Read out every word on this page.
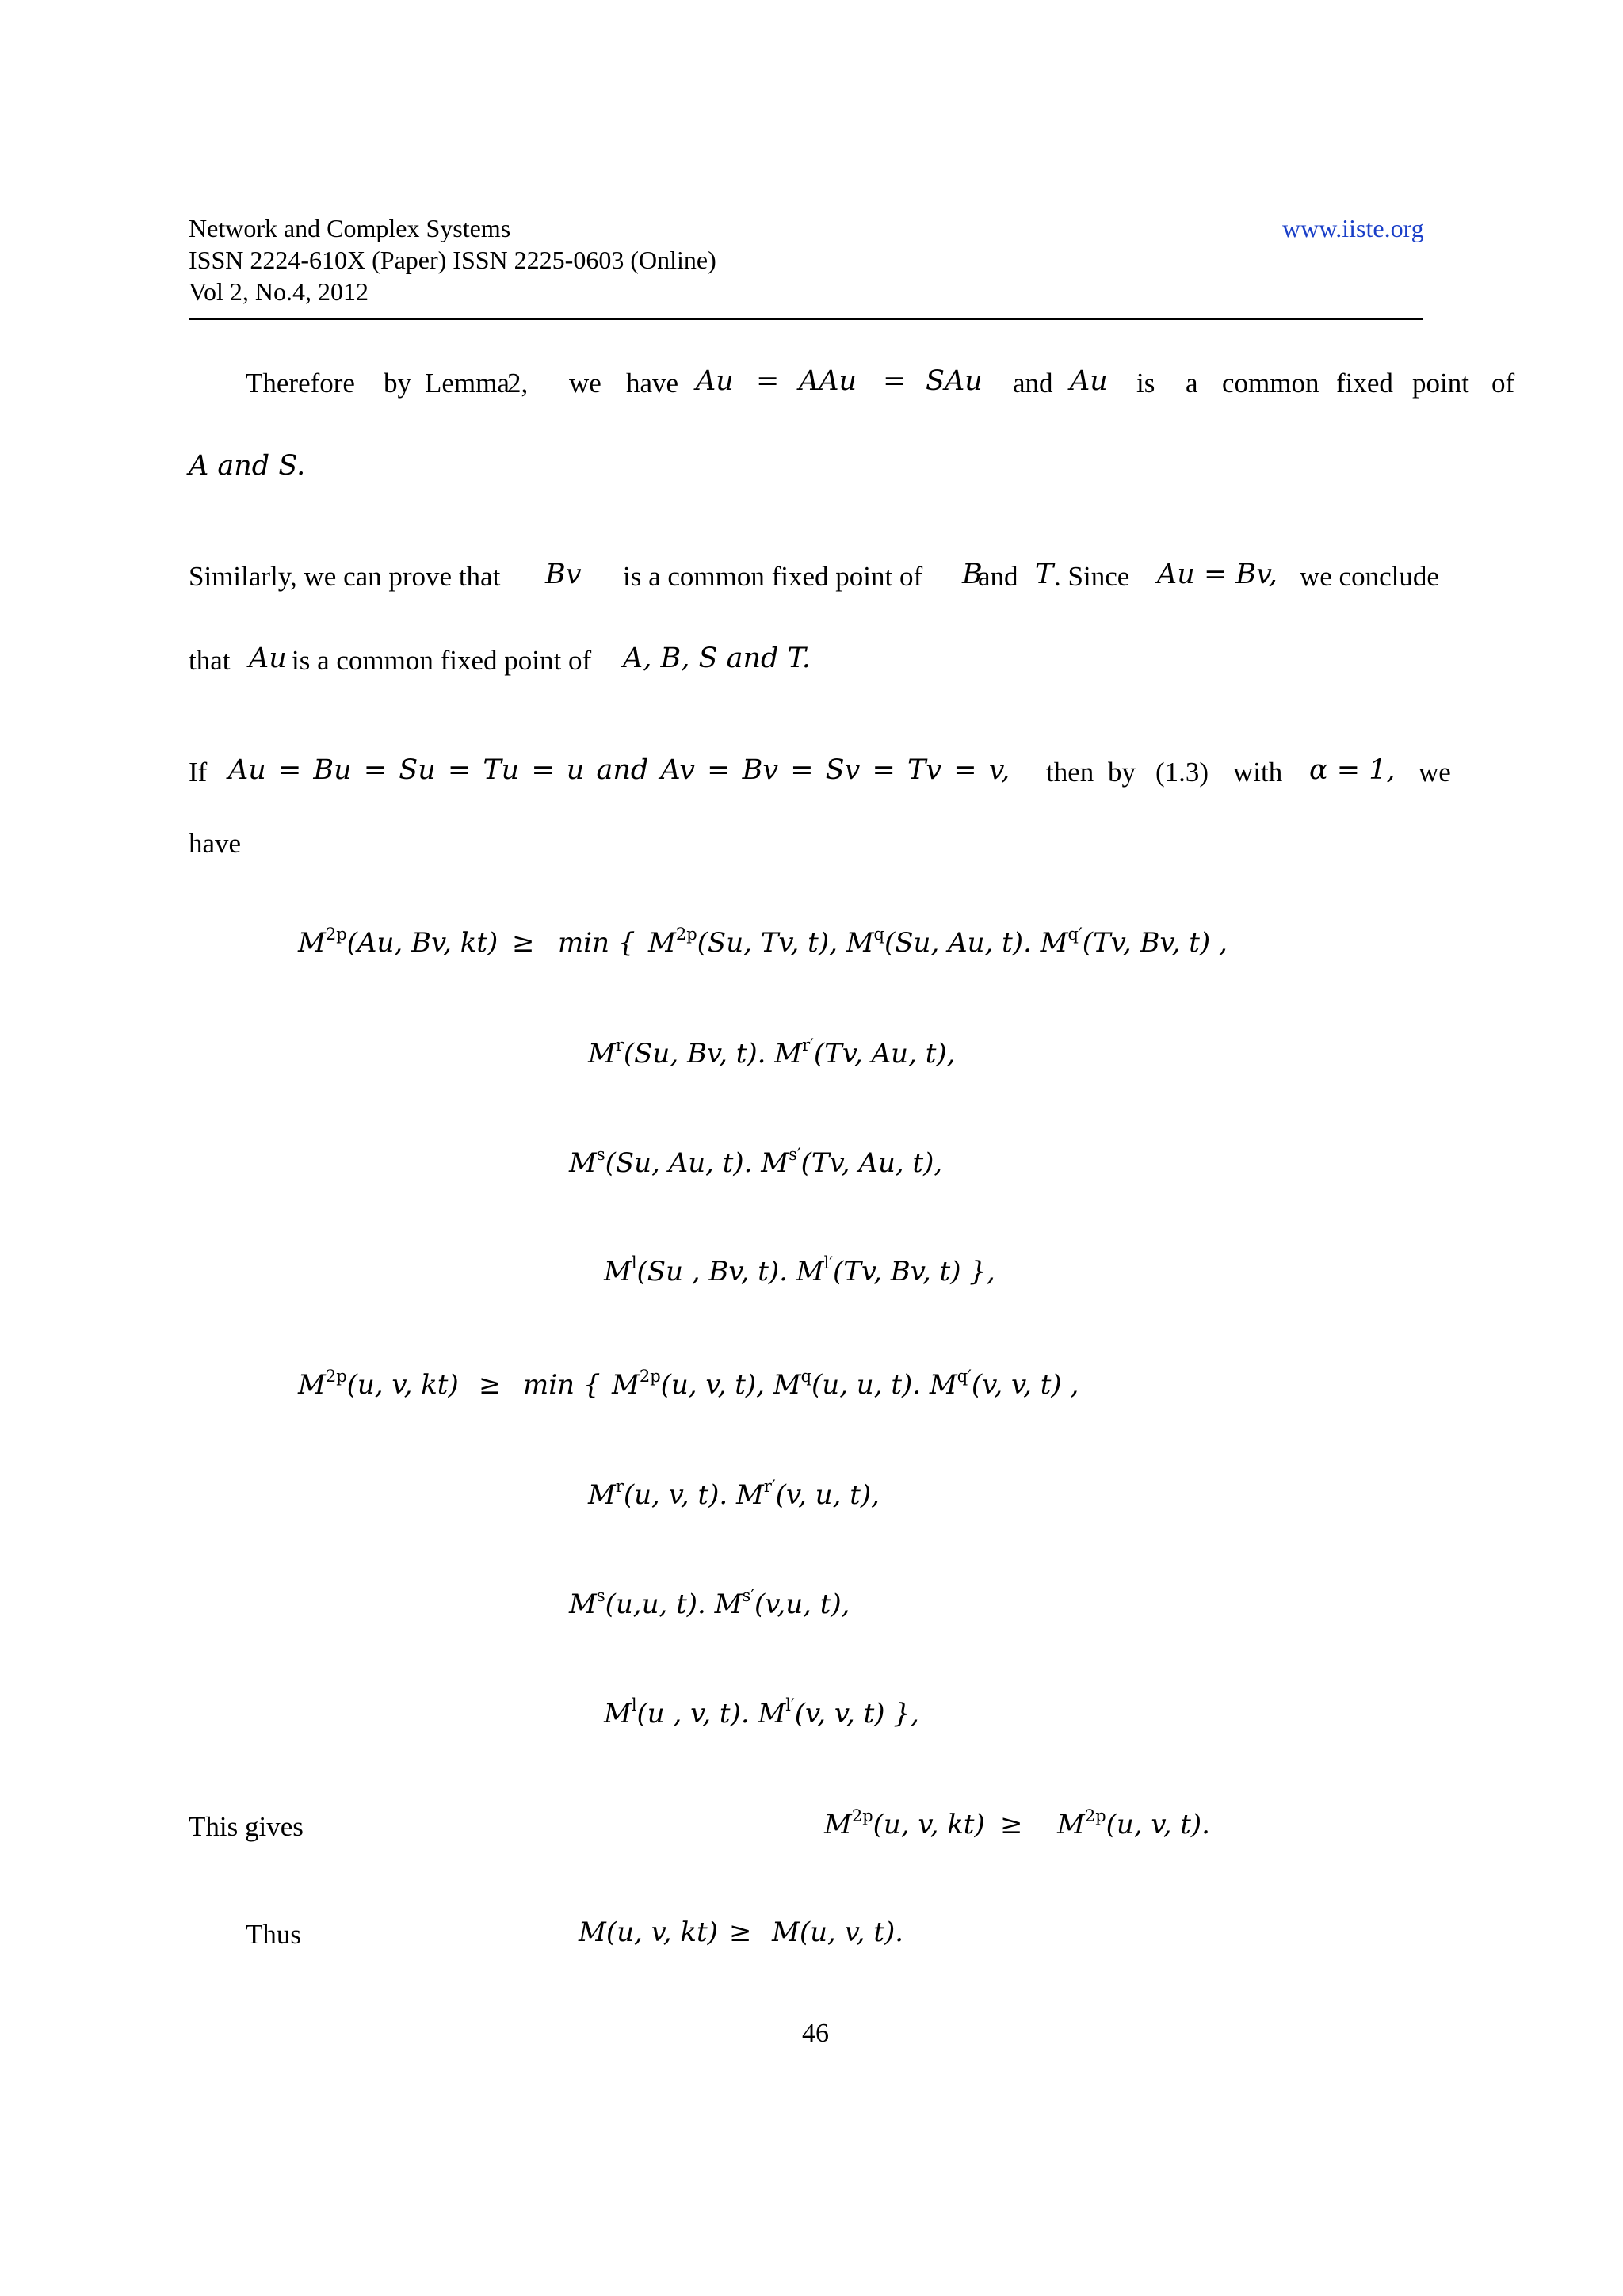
Network and Complex Systems
ISSN 2224-610X (Paper) ISSN 2225-0603 (Online)
Vol 2, No.4, 2012
www.iiste.org
Therefore by Lemma
2, we have Au = AAu = SAu and Au is a common fixed point of
A and S.
Similarly, we can prove that Bv is a common fixed point of B
and T . Since Au = Bv, we conclude
that Au is a common fixed point of A, B, S and T.
If Au = Bu = Su = Tu = u and Av = Bv = Sv = Tv = v, then by (1.3) with α = 1, we
have
$M^{2p}(Au$, Bv, kt) ≥ min { $M^{2p}(Su$, Tv, t), $M^q(Su$, Au, t). $M^{q'}(Tv$, Bv, t) ,
$M^r(Su$, Bv, t). $M^{r'}(Tv$, Au, t),
$M^s(Su$, Au, t). $M^{s'}(Tv$, Au, t),
$M^l(Su$ , Bv, t). $M^{l'}(Tv$, Bv, t) },
$M^{2p}(u$, v, kt) ≥ min { $M^{2p}(u$, v, t), $M^q(u$, u, t). $M^{q'}(v$, v, t) ,
$M^r(u$, v, t). $M^{r'}(v$, u, t),
$M^s(u,u$, t). $M^{s'}(v,u$, t),
$M^l(u$ , v, t). $M^{l'}(v$, v, t) },
This gives	$M^{2p}(u$, v, $kt) \ge M^{2p}(u$, v, t).
Thus	M(u, v, kt) ≥ M(u, v, t).
46
